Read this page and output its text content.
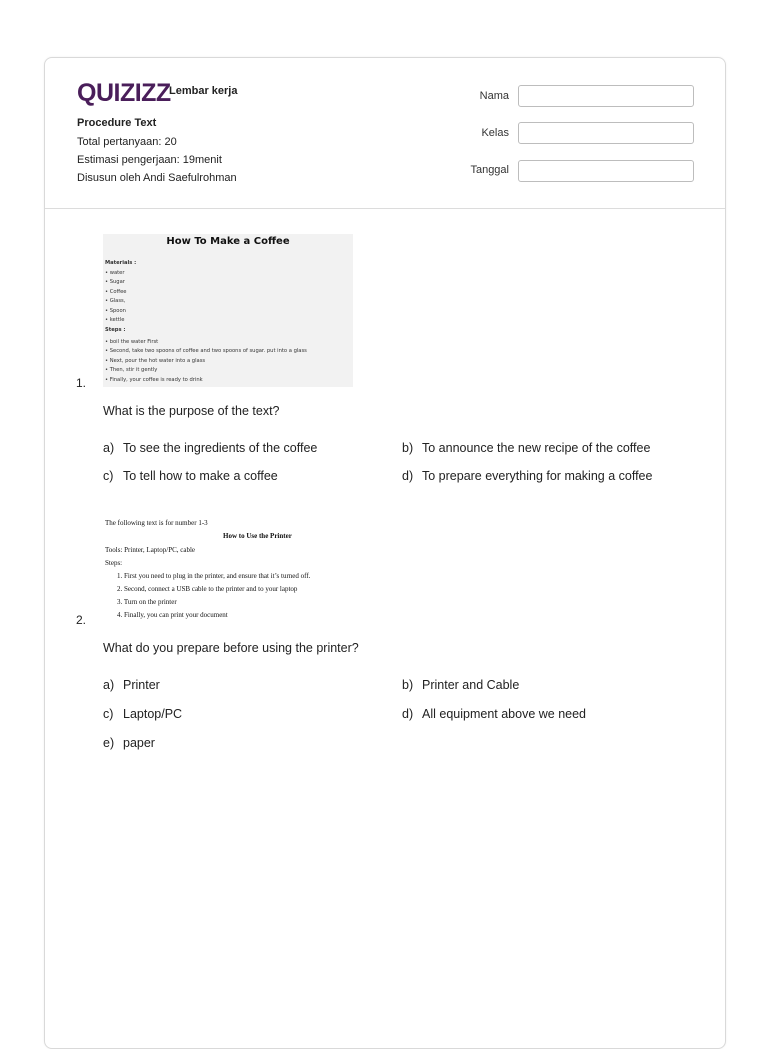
QUIZIZZ
Lembar kerja
Procedure Text
Total pertanyaan: 20
Estimasi pengerjaan: 19menit
Disusun oleh Andi Saefulrohman
Nama
Kelas
Tanggal
How To Make a Coffee
Materials :
• water
• Sugar
• Coffee
• Glass,
• Spoon
• kettle
Steps :
• boil the water First
• Second, take two spoons of coffee and two spoons of sugar. put into a glass
• Next, pour the hot water into a glass
• Then, stir it gently
• Finally, your coffee is ready to drink
1.
What is the purpose of the text?
a) To see the ingredients of the coffee	b) To announce the new recipe of the coffee
c) To tell how to make a coffee	d) To prepare everything for making a coffee
The following text is for number 1-3
How to Use the Printer
Tools: Printer, Laptop/PC, cable
Steps:
1. First you need to plug in the printer, and ensure that it’s turned off.
2. Second, connect a USB cable to the printer and to your laptop
3. Turn on the printer
4. Finally, you can print your document
2.
What do you prepare before using the printer?
a) Printer	b) Printer and Cable
c) Laptop/PC	d) All equipment above we need
e) paper
